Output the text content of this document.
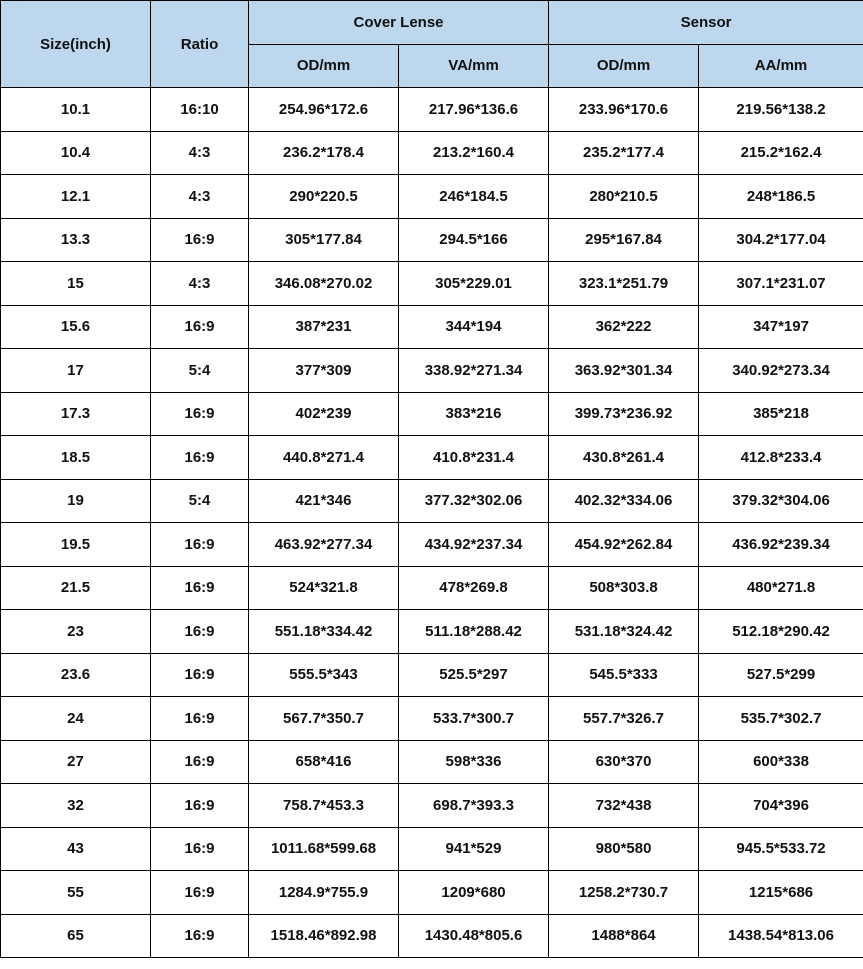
Size(inch)	Ratio	Cover Lense		Sensor	
		OD/mm	VA/mm	OD/mm	AA/mm
10.1	16:10	254.96*172.6	217.96*136.6	233.96*170.6	219.56*138.2
10.4	4:3	236.2*178.4	213.2*160.4	235.2*177.4	215.2*162.4
12.1	4:3	290*220.5	246*184.5	280*210.5	248*186.5
13.3	16:9	305*177.84	294.5*166	295*167.84	304.2*177.04
15	4:3	346.08*270.02	305*229.01	323.1*251.79	307.1*231.07
15.6	16:9	387*231	344*194	362*222	347*197
17	5:4	377*309	338.92*271.34	363.92*301.34	340.92*273.34
17.3	16:9	402*239	383*216	399.73*236.92	385*218
18.5	16:9	440.8*271.4	410.8*231.4	430.8*261.4	412.8*233.4
19	5:4	421*346	377.32*302.06	402.32*334.06	379.32*304.06
19.5	16:9	463.92*277.34	434.92*237.34	454.92*262.84	436.92*239.34
21.5	16:9	524*321.8	478*269.8	508*303.8	480*271.8
23	16:9	551.18*334.42	511.18*288.42	531.18*324.42	512.18*290.42
23.6	16:9	555.5*343	525.5*297	545.5*333	527.5*299
24	16:9	567.7*350.7	533.7*300.7	557.7*326.7	535.7*302.7
27	16:9	658*416	598*336	630*370	600*338
32	16:9	758.7*453.3	698.7*393.3	732*438	704*396
43	16:9	1011.68*599.68	941*529	980*580	945.5*533.72
55	16:9	1284.9*755.9	1209*680	1258.2*730.7	1215*686
65	16:9	1518.46*892.98	1430.48*805.6	1488*864	1438.54*813.06
